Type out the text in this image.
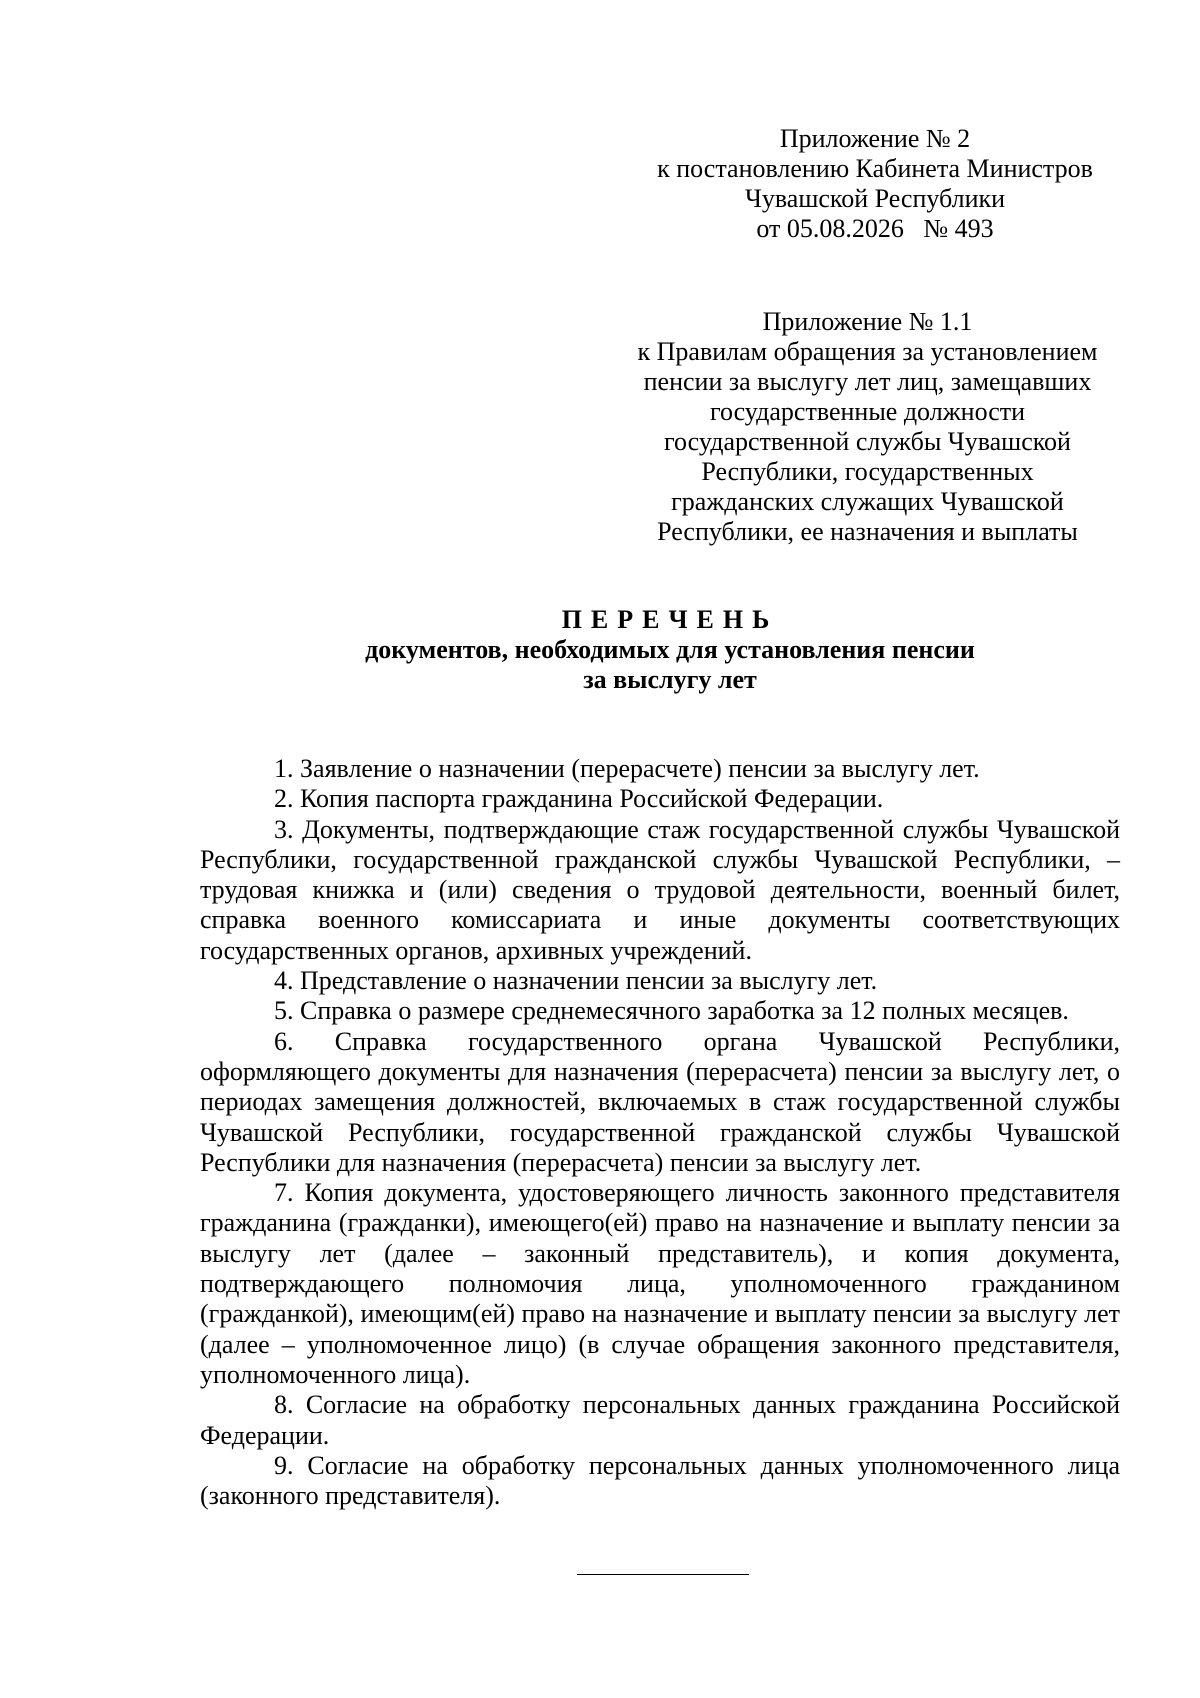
Приложение № 2
к постановлению Кабинета Министров
Чувашской Республики
от 05.08.2026   № 493
Приложение № 1.1
к Правилам обращения за установлением
пенсии за выслугу лет лиц, замещавших
государственные должности
государственной службы Чувашской
Республики, государственных
гражданских служащих Чувашской
Республики, ее назначения и выплаты
ПЕРЕЧЕНЬ
документов, необходимых для установления пенсии
за выслугу лет

1. Заявление о назначении (перерасчете) пенсии за выслугу лет.

2. Копия паспорта гражданина Российской Федерации.

3. Документы, подтверждающие стаж государственной службы Чувашской Республики, государственной гражданской службы Чувашской Республики, – трудовая книжка и (или) сведения о трудовой деятельности, военный билет, справка военного комиссариата и иные документы соответствующих государственных органов, архивных учреждений.

4. Представление о назначении пенсии за выслугу лет.

5. Справка о размере среднемесячного заработка за 12 полных месяцев.

6. Справка государственного органа Чувашской Республики, оформляющего документы для назначения (перерасчета) пенсии за выслугу лет, о периодах замещения должностей, включаемых в стаж государственной службы Чувашской Республики, государственной гражданской службы Чувашской Республики для назначения (перерасчета) пенсии за выслугу лет.

7. Копия документа, удостоверяющего личность законного представителя гражданина (гражданки), имеющего(ей) право на назначение и выплату пенсии за выслугу лет (далее – законный представитель), и копия документа, подтверждающего полномочия лица, уполномоченного гражданином (гражданкой), имеющим(ей) право на назначение и выплату пенсии за выслугу лет (далее – уполномоченное лицо) (в случае обращения законного представителя, уполномоченного лица).

8. Согласие на обработку персональных данных гражданина Российской Федерации.

9. Согласие на обработку персональных данных уполномоченного лица (законного представителя).
